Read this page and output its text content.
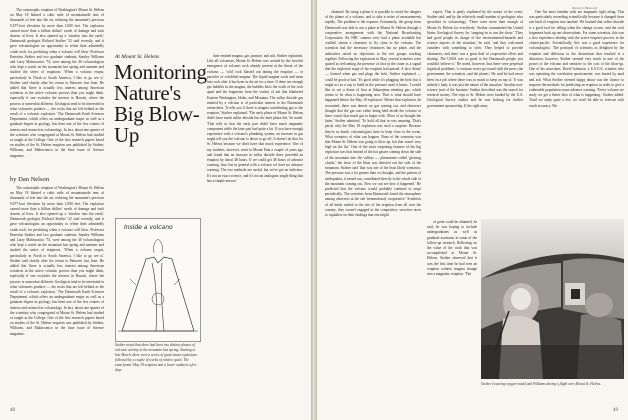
The catastrophic eruption of Washington's Mount St. Helens on May 18 blasted a cubic mile of mountainside tens of thousands of feet into the air, reducing the mountain's previous 9,677-foot elevation by more than 1,000 feet. The explosion caused more than a billion dollars' worth of damage and took dozens of lives. It also opened up a 'window into the earth,' Dartmouth geologist Richard Stoiber '32 said recently, and it gave volcanologists an opportunity to refine their admittedly crude tools for predicting when a volcano will blow. Professor Emeritus Stoiber and two graduate students, Stanley Williams and Larry Malinconico '74, were among the 40 volcanologists who kept a watch on the mountain last spring and summer and studied the series of eruptions. 'When a volcano erupts, particularly in North or South America, I like to go see it,' Stoiber said shortly after his return to Hanover last June. He added that 'there is actually less interest among American scientists in the active volcanic process than you might think, especially if one excludes the interest in Hawaii, where the process is somewhat different. Geologists tend to be interested in what volcanoes produce — the rocks that are left behind as the result of a volcanic explosion.' The Dartmouth Earth Sciences Department, which offers an undergraduate major as well as a graduate degree in geology, has been one of the few centers of interest and research in volcanology. In fact, about one quarter of the scientists who congregated at Mount St. Helens had studied or taught at the College. One of the first research papers based on studies of the St. Helens eruption was published by Stoiber, Williams, and Malinconico in the June issue of Science magazine.

by Dan Nelson

The catastrophic eruption of Washington's Mount St. Helens on May 18 blasted a cubic mile of mountainside tens of thousands of feet into the air, reducing the mountain's previous 9,677-foot elevation by more than 1,000 feet. The explosion caused more than a billion dollars' worth of damage and took dozens of lives. It also opened up a 'window into the earth,' Dartmouth geologist Richard Stoiber '32 said recently, and it gave volcanologists an opportunity to refine their admittedly crude tools for predicting when a volcano will blow. Professor Emeritus Stoiber and two graduate students, Stanley Williams and Larry Malinconico '74, were among the 40 volcanologists who kept a watch on the mountain last spring and summer and studied the series of eruptions. 'When a volcano erupts, particularly in North or South America, I like to go see it,' Stoiber said shortly after his return to Hanover last June. He added that 'there is actually less interest among American scientists in the active volcanic process than you might think, especially if one excludes the interest in Hawaii, where the process is somewhat different. Geologists tend to be interested in what volcanoes produce — the rocks that are left behind as the result of a volcanic explosion.' The Dartmouth Earth Sciences Department, which offers an undergraduate major as well as a graduate degree in geology, has been one of the few centers of interest and research in volcanology. In fact, about one quarter of the scientists who congregated at Mount St. Helens had studied or taught at the College. One of the first research papers based on studies of the St. Helens eruption was published by Stoiber, Williams, and Malinconico in the June issue of Science magazine.

At Mount St. Helens
Monitoring
Nature's
Big Blow-Up
Inside a volcano
Stoiber noted that there had been two distinct phases of volcanic activity at the mountain last spring. Starting in late March, there were a series of giant steam explosions followed by a couple of weeks of relative quiet. The cataclysmic May 18 eruption and a lesser outburst a few days

later emitted magma, gas, pumice, and ash, Stoiber explained. Like all volcanoes, Mount St. Helens was created by the forceful emergence of volcanic rock already present at the throat of the volcano — 'cold' rock blasted out during the eruption — or particles of solidified magma. The liquid magma cools and turns into rock after it has been in the air for a time. If there are enough gas bubbles in the magma, the bubbles blow the walls of the rock apart and the fragments form the variety of ash that blanketed Eastern Washington, Idaho, and Montana. The sulfur dioxide gas emitted by a volcano is of particular interest to the Dartmouth researchers. 'It tells you if there is magma contributing gas to the eruption,' Stoiber explained. 'The early phase of Mount St. Helens didn't have much sulfur dioxide but the later phase did,' he noted. 'That tells us that the early part didn't have much magmatic component while the later part had quite a bit. If you have enough experience with a volcano's plumbing system, an increase in gas might tell you the volcano is about to go off. It doesn't do that for St. Helens because we don't have that much experience. One of my students, however, went to Mount Etna a couple of years ago and found that an increase in sulfur dioxide there preceded an eruption by about 48 hours. If we could get 48 hours of advance warning, fine, but in general with a volcano we have no advance warning. The two methods are useful, but we've got no indicator. It's not an exact science, and it's not an analogous single thing that has a simple answer.'

48
Nature's Blow-Up

obtained. By using a plane it is possible to avoid the dangers of the plume of a volcano, and to take a series of measurements rapidly. The problem is the expense. Fortunately, the group from Dartmouth was able to use a plane at Mount St. Helens through a cooperative arrangement with the National Broadcasting Corporation. An NBC camera crew had a plane available but couldn't obtain a clearance to fly close to the volcano. The scientists had the necessary clearances but no plane, and the authorities raised no objections to the two groups working together. Following the explosions in May, several scientists were quoted as welcoming the presence of lava in the crater as a signal that the explosive stage of the eruption had passed. A lava 'dome' — formed when gas and plugs the hole, Stoiber explained — could be good or bad. 'It's good while it's plugging the hole, but it might act as a cap to build in the pressure until it bursts. I would like to see a dome of lava at Sakurajima emitting gas, which seems to be what is happening now. That is what should have happened before the May 18 explosion.' Before that explosion, he recounted, there was almost no gas coming out, and observers thought that the gas was either being held inside the volcano or there wasn't that much gas to begin with. 'Most of us thought the latter,' Stoiber admitted. 'To hold all that in was amazing. That's partly why the May 18 explosion was such a surprise. Because they're so dumb, volcanologists have to keep close to the scene. What scenarios of what can happen. None of the scenarios was that Mount St. Helens was going to blow up, but that wasn't very high on the list.' One of the most surprising features of the big explosion was that instead of the hot gasses coming down the side of the mountain into the valleys — phenomena called 'glowing clouds,' the force of the blast was directed out the side of the mountain. Stoiber said 'that was one of the least likely scenarios. The pressure was a lot greater than we thought, and the pattern of earthquakes, it turned out, contributed directly to the whole side of the mountain coming out. Now we can see how it happened.' He predicted that the volcano would probably continue to erupt periodically. The scientists from Dartmouth found the atmosphere among observers at the site 'tremendously cooperative.' Scientists of all kinds rushed to the site of the eruption from all over the country, they weren't engaged in the competitive, secretive races to capitalize on their findings that one might

expect. That is partly explained by the nature of the event, Stoiber said, and by the relatively small number of geologists who specialize in volcanology. 'There were more than enough of Mount St. Helens for everybody.' Stoiber commended the United States Geological Survey for 'stepping in to run the show.' 'They had good people in charge of the environmental-hazards and science aspects of the situation,' he said, 'and they welcomed outsiders with something to offer. They helped to provide clearances, and there was a great deal of cooperative effort and sharing. The USGS was so good to the Dartmouth people you wouldn't believe it.' He noted, however, that there were perpetual logistical problems, 'a constant worry-go-round with the press, the government, the scientists, and the planes.' He said he had never been on a job where there was so much to keep on top of. 'It was nobody's fault, it was just the nature of the situation.' Another non-science 'part of the business' Stoiber described was the search for research money. The trips to St. Helens were funded by the U.S. Geological Survey studies and he was looking for further government sponsorship. If the right army

One I'm most familiar with are magmatic tight along. This was particularly rewarding scientifically because it changed from one kind of eruption into another. We learned that sulfur dioxide is a good tool for telling when the change occurs, and the rock fragments back up our observations. For some scientists, this was a first experience dealing with the active eruptive process in the citizen-pacific. Scientifically, this was a good experience for volcanologists.' The portrayal of scientists as delighted by the eruption and oblivious to the destruction that resulted is a distortion, however. Stoiber seemed very much in awe of the power of the volcano and sensitive to the cost of the blow-up. One of his associates, David Johnston, a U.S.G.S. scientist who was operating the correlation spectrometer, was buried by mud and ash. What Stoiber seemed happy about was the chance to improve the methods for predicting an eruption in order to give a vulnerable population some advance warning. 'Every volcano we study we get a better idea of what is happening,' Stoiber added. 'Until we study quite a few, we won't be able to forecast with much accuracy. We

Stoiber (wearing oxygen mask) and Williams during a flight over Mount St. Helens.

of great could be obtained, he said, he was hoping to include undergraduates as well as graduate assistants in some of the follow-up research. Reflecting on the value of the work that was accomplished at Mount St. Helens, Stoiber observed that it was the first time he had seen an eruption witness magma change into a magmatic eruption. 'The

49
